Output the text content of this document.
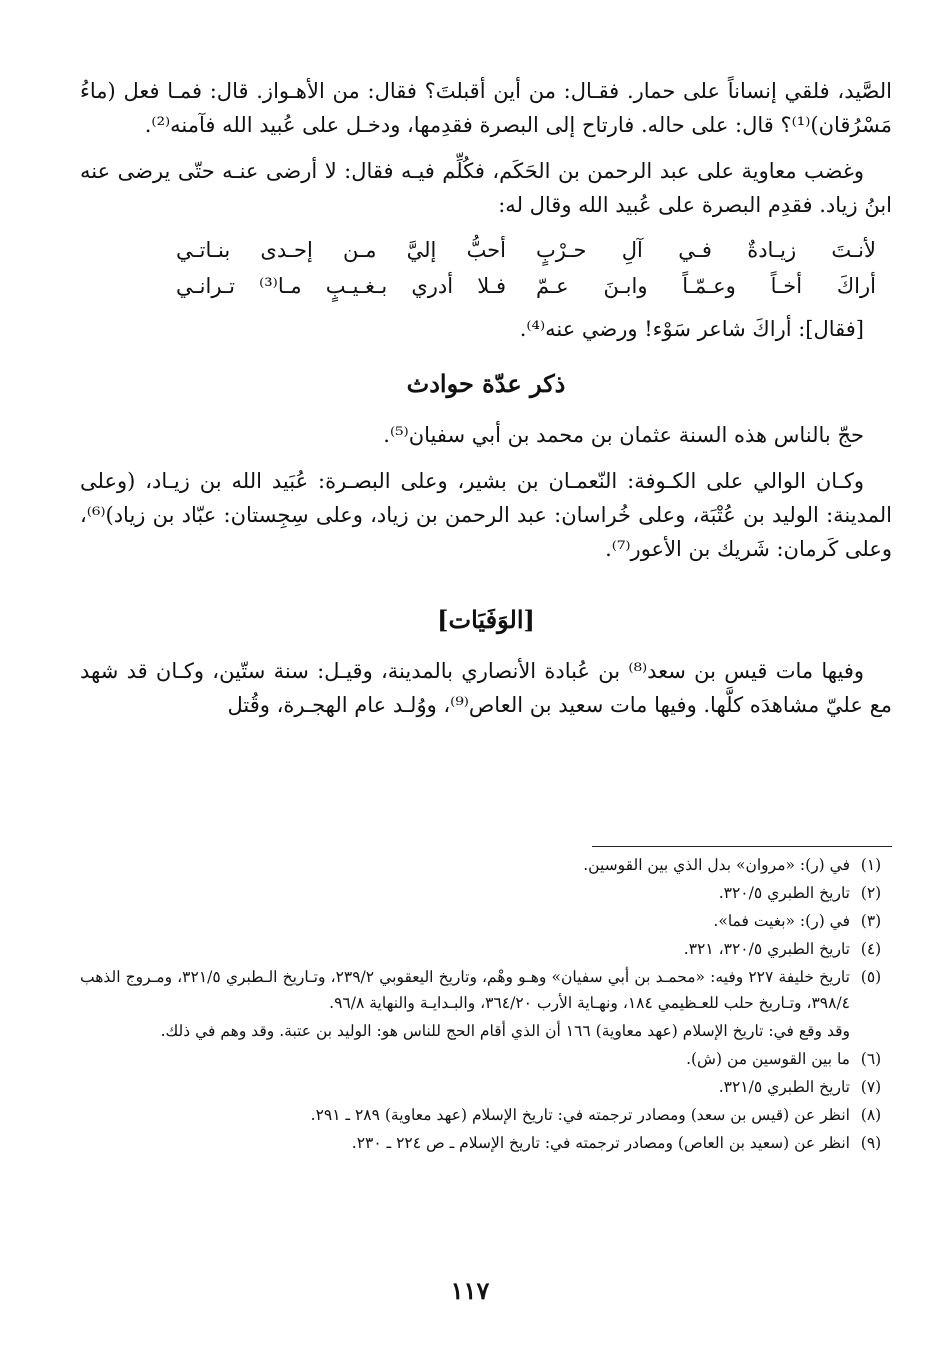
الصَّيد، فلقي إنساناً على حمار. فقـال: من أين أقبلتَ؟ فقال: من الأهـواز. قال: فمـا فعل (ماءُ مَسْرُقان)⁽¹⁾؟ قال: على حاله. فارتاح إلى البصرة فقدِمها، ودخـل على عُبيد الله فآمنه⁽²⁾.

وغضب معاوية على عبد الرحمن بن الحَكَم، فكُلِّم فيـه فقال: لا أرضى عنـه حتّى يرضى عنه ابنُ زياد. فقدِم البصرة على عُبيد الله وقال له:

لأنـتَ زيـادةٌ فـي آلِ حـرْبٍ
أحبُّ إليَّ مـن إحـدى بنـاتـي
أراكَ أخـاً وعـمّـاً وابـنَ عـمّ
فـلا أدري بـغـيـبٍ مـا⁽³⁾ تـرانـي

[فقال]: أراكَ شاعر سَوْء! ورضي عنه⁽⁴⁾.

ذكر عدّة حوادث

حجّ بالناس هذه السنة عثمان بن محمد بن أبي سفيان⁽⁵⁾.

وكـان الوالي على الكـوفة: النّعمـان بن بشير، وعلى البصـرة: عُبَيد الله بن زيـاد، (وعلى المدينة: الوليد بن عُتْبَة، وعلى خُراسان: عبد الرحمن بن زياد، وعلى سِجِستان: عبّاد بن زياد)⁽⁶⁾، وعلى كَرمان: شَريك بن الأعور⁽⁷⁾.

[الوَفَيَات]

وفيها مات قيس بن سعد⁽⁸⁾ بن عُبادة الأنصاري بالمدينة، وقيـل: سنة ستّين، وكـان قد شهد مع عليّ مشاهدَه كلَّها. وفيها مات سعيد بن العاص⁽⁹⁾، ووُلـد عام الهجـرة، وقُتل

(١)
في (ر): «مروان» بدل الذي بين القوسين.
(٢)
تاريخ الطبري ٣٢٠/٥.
(٣)
في (ر): «بغيت فما».
(٤)
تاريخ الطبري ٣٢٠/٥، ٣٢١.
(٥)
تاريخ خليفة ٢٢٧ وفيه: «محمـد بن أبي سفيان» وهـو وهْم، وتاريخ اليعقوبي ٢٣٩/٢، وتـاريخ الـطبري ٣٢١/٥، ومـروج الذهب ٣٩٨/٤، وتـاريخ حلب للعـظيمي ١٨٤، ونهـاية الأرب ٣٦٤/٢٠، والبـدايـة والنهاية ٩٦/٨.
وقد وقع في: تاريخ الإسلام (عهد معاوية) ١٦٦ أن الذي أقام الحج للناس هو: الوليد بن عتبة. وقد وهم في ذلك.
(٦)
ما بين القوسين من (ش).
(٧)
تاريخ الطبري ٣٢١/٥.
(٨)
انظر عن (قيس بن سعد) ومصادر ترجمته في: تاريخ الإسلام (عهد معاوية) ٢٨٩ ـ ٢٩١.
(٩)
انظر عن (سعيد بن العاص) ومصادر ترجمته في: تاريخ الإسلام ـ ص ٢٢٤ ـ ٢٣٠.
١١٧
